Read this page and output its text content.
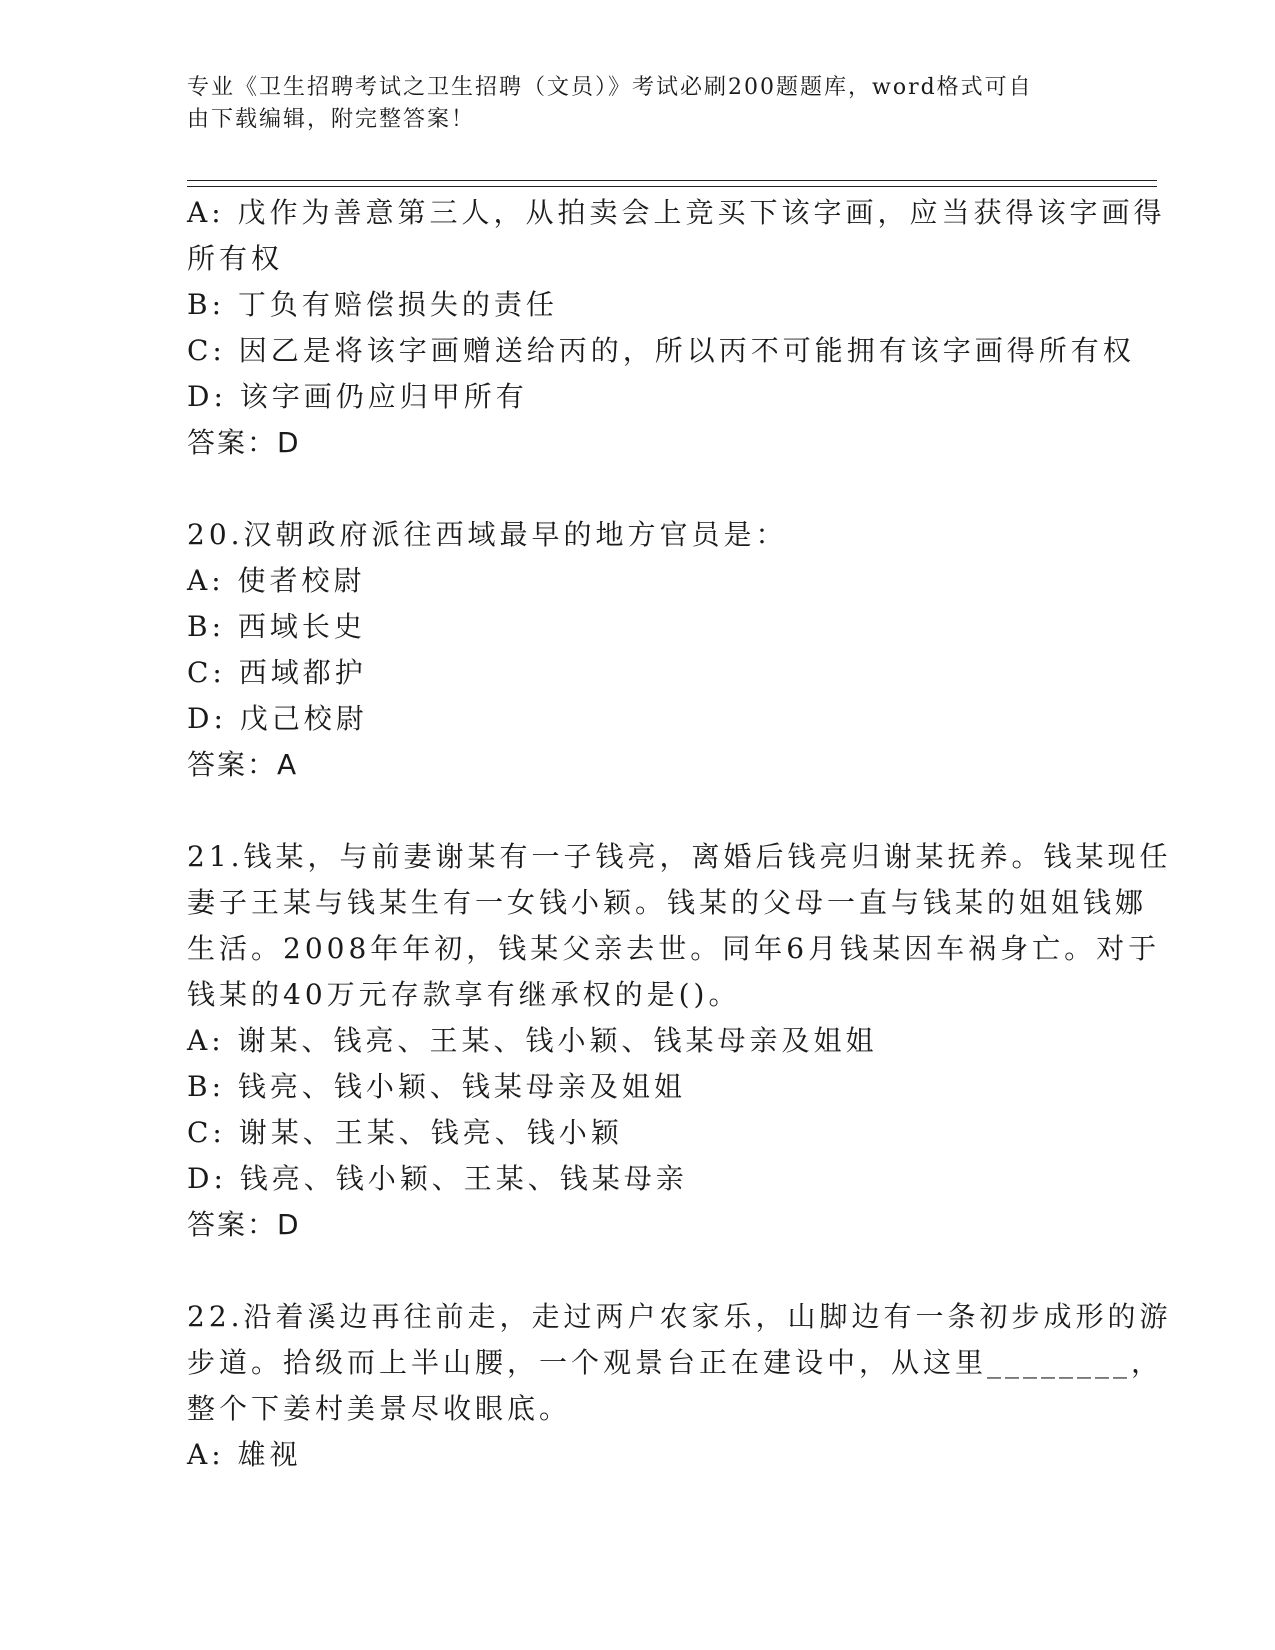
专业《卫生招聘考试之卫生招聘（文员）》考试必刷200题题库，word格式可自
由下载编辑，附完整答案！
A: 戊作为善意第三人，从拍卖会上竞买下该字画，应当获得该字画得
所有权
B: 丁负有赔偿损失的责任
C: 因乙是将该字画赠送给丙的，所以丙不可能拥有该字画得所有权
D: 该字画仍应归甲所有
答案：D
20.汉朝政府派往西域最早的地方官员是：
A: 使者校尉
B: 西域长史
C: 西域都护
D: 戊己校尉
答案：A
21.钱某，与前妻谢某有一子钱亮，离婚后钱亮归谢某抚养。钱某现任
妻子王某与钱某生有一女钱小颖。钱某的父母一直与钱某的姐姐钱娜
生活。2008年年初，钱某父亲去世。同年6月钱某因车祸身亡。对于
钱某的40万元存款享有继承权的是()。
A: 谢某、钱亮、王某、钱小颖、钱某母亲及姐姐
B: 钱亮、钱小颖、钱某母亲及姐姐
C: 谢某、王某、钱亮、钱小颖
D: 钱亮、钱小颖、王某、钱某母亲
答案：D
22.沿着溪边再往前走，走过两户农家乐，山脚边有一条初步成形的游
步道。拾级而上半山腰，一个观景台正在建设中，从这里________，
整个下姜村美景尽收眼底。
A: 雄视
